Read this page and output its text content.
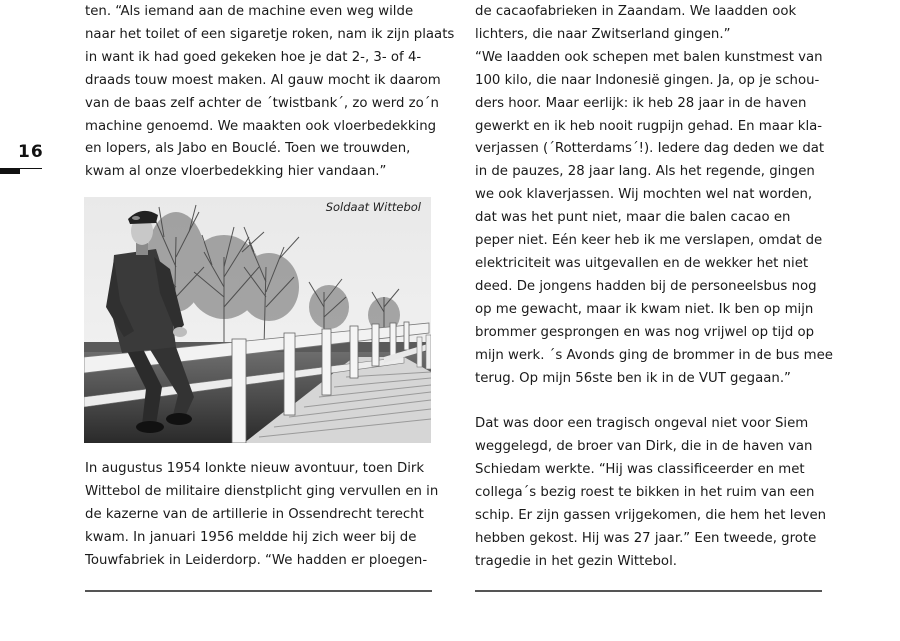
16

ten. “Als iemand aan de machine even weg wilde
naar het toilet of een sigaretje roken, nam ik zijn plaats
in want ik had goed gekeken hoe je dat 2-, 3- of 4-
draads touw moest maken. Al gauw mocht ik daarom
van de baas zelf achter de ´twistbank´, zo werd zo´n
machine genoemd. We maakten ook vloerbedekking
en lopers, als Jabo en Bouclé. Toen we trouwden,
kwam al onze vloerbedekking hier vandaan.”

Soldaat Wittebol

In augustus 1954 lonkte nieuw avontuur, toen Dirk
Wittebol de militaire dienstplicht ging vervullen en in
de kazerne van de artillerie in Ossendrecht terecht
kwam. In januari 1956 meldde hij zich weer bij de
Touwfabriek in Leiderdorp. “We hadden er ploegen-

de cacaofabrieken in Zaandam. We laadden ook
lichters, die naar Zwitserland gingen.”
“We laadden ook schepen met balen kunstmest van
100 kilo, die naar Indonesië gingen. Ja, op je schou-
ders hoor. Maar eerlijk: ik heb 28 jaar in de haven
gewerkt en ik heb nooit rugpijn gehad. En maar kla-
verjassen (´Rotterdams´!). Iedere dag deden we dat
in de pauzes, 28 jaar lang. Als het regende, gingen
we ook klaverjassen. Wij mochten wel nat worden,
dat was het punt niet, maar die balen cacao en
peper niet. Eén keer heb ik me verslapen, omdat de
elektriciteit was uitgevallen en de wekker het niet
deed. De jongens hadden bij de personeelsbus nog
op me gewacht, maar ik kwam niet. Ik ben op mijn
brommer gesprongen en was nog vrijwel op tijd op
mijn werk. ´s Avonds ging de brommer in de bus mee
terug. Op mijn 56ste ben ik in de VUT gegaan.”

Dat was door een tragisch ongeval niet voor Siem
weggelegd, de broer van Dirk, die in de haven van
Schiedam werkte. “Hij was classificeerder en met
collega´s bezig roest te bikken in het ruim van een
schip. Er zijn gassen vrijgekomen, die hem het leven
hebben gekost. Hij was 27 jaar.” Een tweede, grote
tragedie in het gezin Wittebol.
